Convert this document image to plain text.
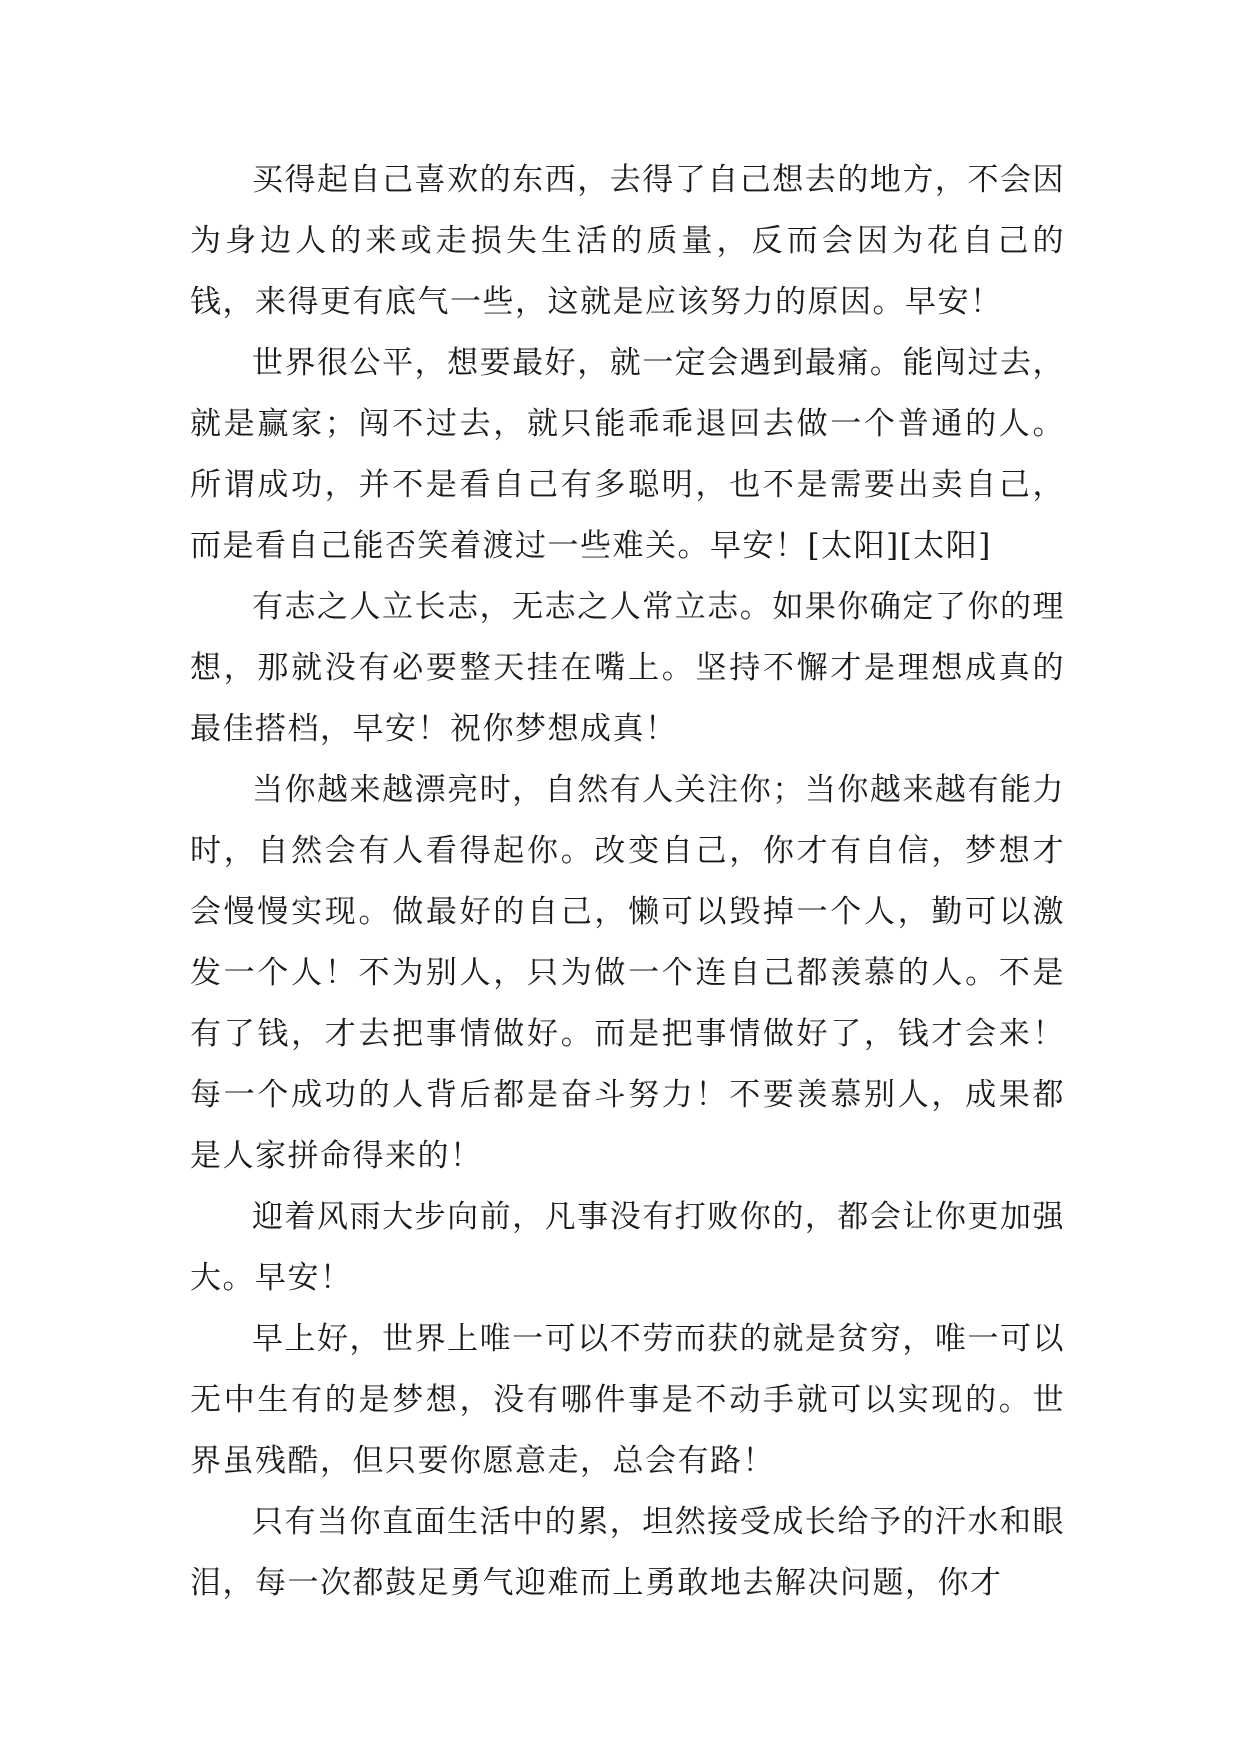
买得起自己喜欢的东西，去得了自己想去的地方，不会因为身边人的来或走损失生活的质量，反而会因为花自己的钱，来得更有底气一些，这就是应该努力的原因。早安！

世界很公平，想要最好，就一定会遇到最痛。能闯过去，就是赢家；闯不过去，就只能乖乖退回去做一个普通的人。所谓成功，并不是看自己有多聪明，也不是需要出卖自己，而是看自己能否笑着渡过一些难关。早安！[太阳][太阳]

有志之人立长志，无志之人常立志。如果你确定了你的理想，那就没有必要整天挂在嘴上。坚持不懈才是理想成真的最佳搭档，早安！祝你梦想成真！

当你越来越漂亮时，自然有人关注你；当你越来越有能力时，自然会有人看得起你。改变自己，你才有自信，梦想才会慢慢实现。做最好的自己，懒可以毁掉一个人，勤可以激发一个人！不为别人，只为做一个连自己都羡慕的人。不是有了钱，才去把事情做好。而是把事情做好了，钱才会来！每一个成功的人背后都是奋斗努力！不要羡慕别人，成果都是人家拼命得来的！

迎着风雨大步向前，凡事没有打败你的，都会让你更加强大。早安！

早上好，世界上唯一可以不劳而获的就是贫穷，唯一可以无中生有的是梦想，没有哪件事是不动手就可以实现的。世界虽残酷，但只要你愿意走，总会有路！

只有当你直面生活中的累，坦然接受成长给予的汗水和眼泪，每一次都鼓足勇气迎难而上勇敢地去解决问题，你才
